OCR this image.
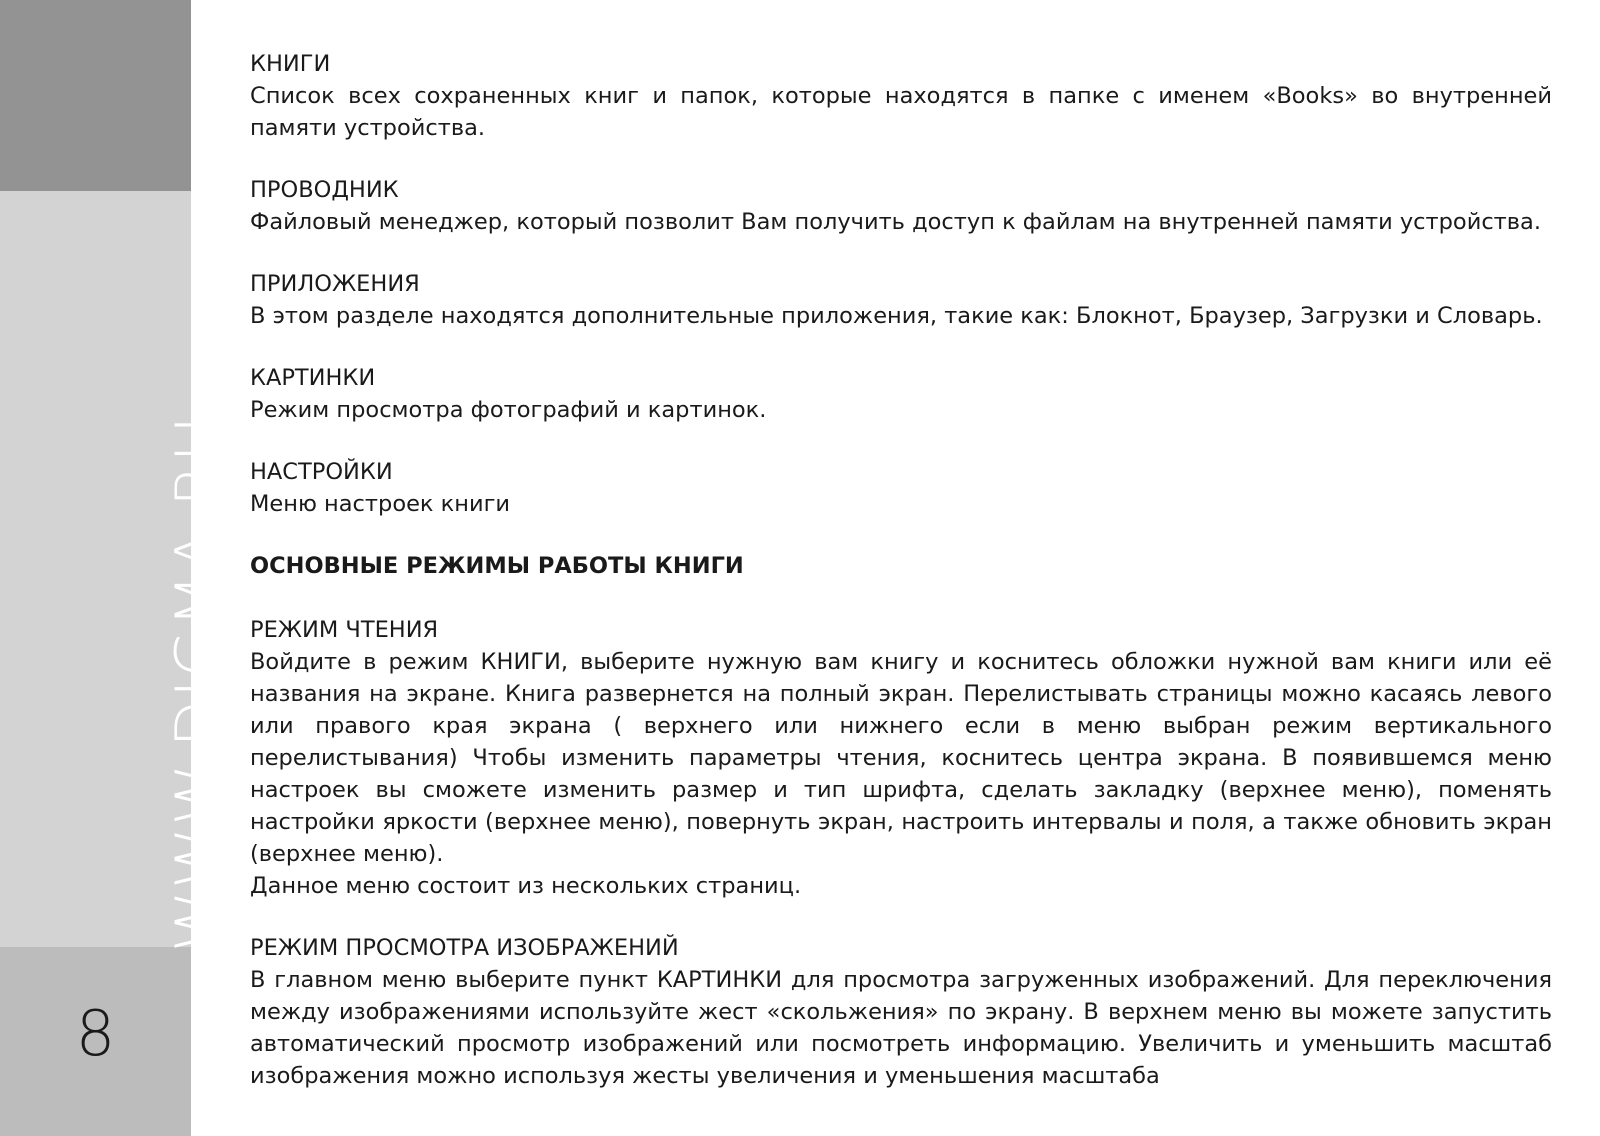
WWW.DIGMA.RU
8
КНИГИ
Список всех сохраненных книг и папок, которые находятся в папке с именем «Books» во внутренней памяти устройства.
ПРОВОДНИК
Файловый менеджер, который позволит Вам получить доступ к файлам на внутренней памяти устройства.
ПРИЛОЖЕНИЯ
В этом разделе находятся дополнительные приложения, такие как: Блокнот, Браузер, Загрузки и Словарь.
КАРТИНКИ
Режим просмотра фотографий и картинок.
НАСТРОЙКИ
Меню настроек книги
ОСНОВНЫЕ РЕЖИМЫ РАБОТЫ КНИГИ
РЕЖИМ ЧТЕНИЯ
Войдите в режим КНИГИ, выберите нужную вам книгу и коснитесь обложки нужной вам книги или её названия на экране. Книга развернется на полный экран. Перелистывать страницы можно касаясь левого или правого края экрана ( верхнего или нижнего если в меню выбран режим вертикального перелистывания) Чтобы изменить параметры чтения, коснитесь центра экрана. В появившемся меню настроек вы сможете изменить размер и тип шрифта, сделать закладку (верхнее меню), поменять настройки яркости (верхнее меню), повернуть экран, настроить интервалы и поля, а также обновить экран (верхнее меню).
Данное меню состоит из нескольких страниц.
РЕЖИМ ПРОСМОТРА ИЗОБРАЖЕНИЙ
В главном меню выберите пункт КАРТИНКИ для просмотра загруженных изображений. Для переключения между изображениями используйте жест «скольжения» по экрану. В верхнем меню вы можете запустить автоматический просмотр изображений или посмотреть информацию. Увеличить и уменьшить масштаб изображения можно используя жесты увеличения и уменьшения масштаба
